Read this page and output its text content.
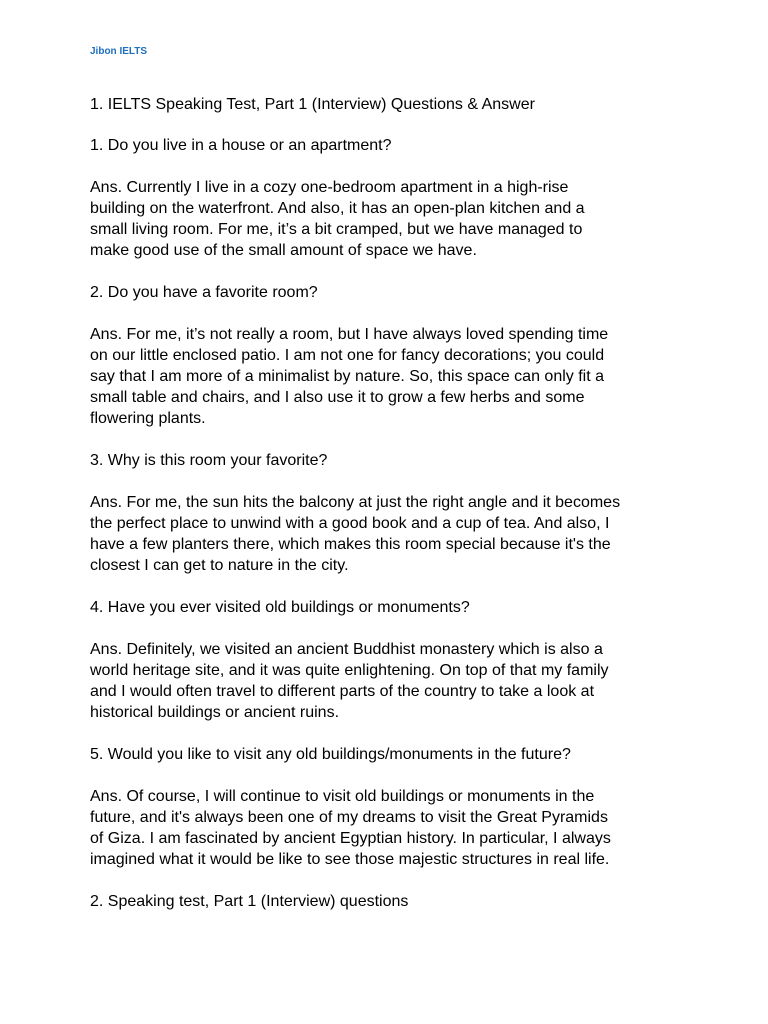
Jibon IELTS
1. IELTS Speaking Test, Part 1 (Interview) Questions & Answer

1. Do you live in a house or an apartment?

Ans. Currently I live in a cozy one-bedroom apartment in a high-rise
building on the waterfront. And also, it has an open-plan kitchen and a
small living room. For me, it’s a bit cramped, but we have managed to
make good use of the small amount of space we have.

2. Do you have a favorite room?

Ans. For me, it’s not really a room, but I have always loved spending time
on our little enclosed patio. I am not one for fancy decorations; you could
say that I am more of a minimalist by nature. So, this space can only fit a
small table and chairs, and I also use it to grow a few herbs and some
flowering plants.

3. Why is this room your favorite?

Ans. For me, the sun hits the balcony at just the right angle and it becomes
the perfect place to unwind with a good book and a cup of tea. And also, I
have a few planters there, which makes this room special because it's the
closest I can get to nature in the city.

4. Have you ever visited old buildings or monuments?

Ans. Definitely, we visited an ancient Buddhist monastery which is also a
world heritage site, and it was quite enlightening. On top of that my family
and I would often travel to different parts of the country to take a look at
historical buildings or ancient ruins.

5. Would you like to visit any old buildings/monuments in the future?

Ans. Of course, I will continue to visit old buildings or monuments in the
future, and it's always been one of my dreams to visit the Great Pyramids
of Giza. I am fascinated by ancient Egyptian history. In particular, I always
imagined what it would be like to see those majestic structures in real life.

2. Speaking test, Part 1 (Interview) questions
